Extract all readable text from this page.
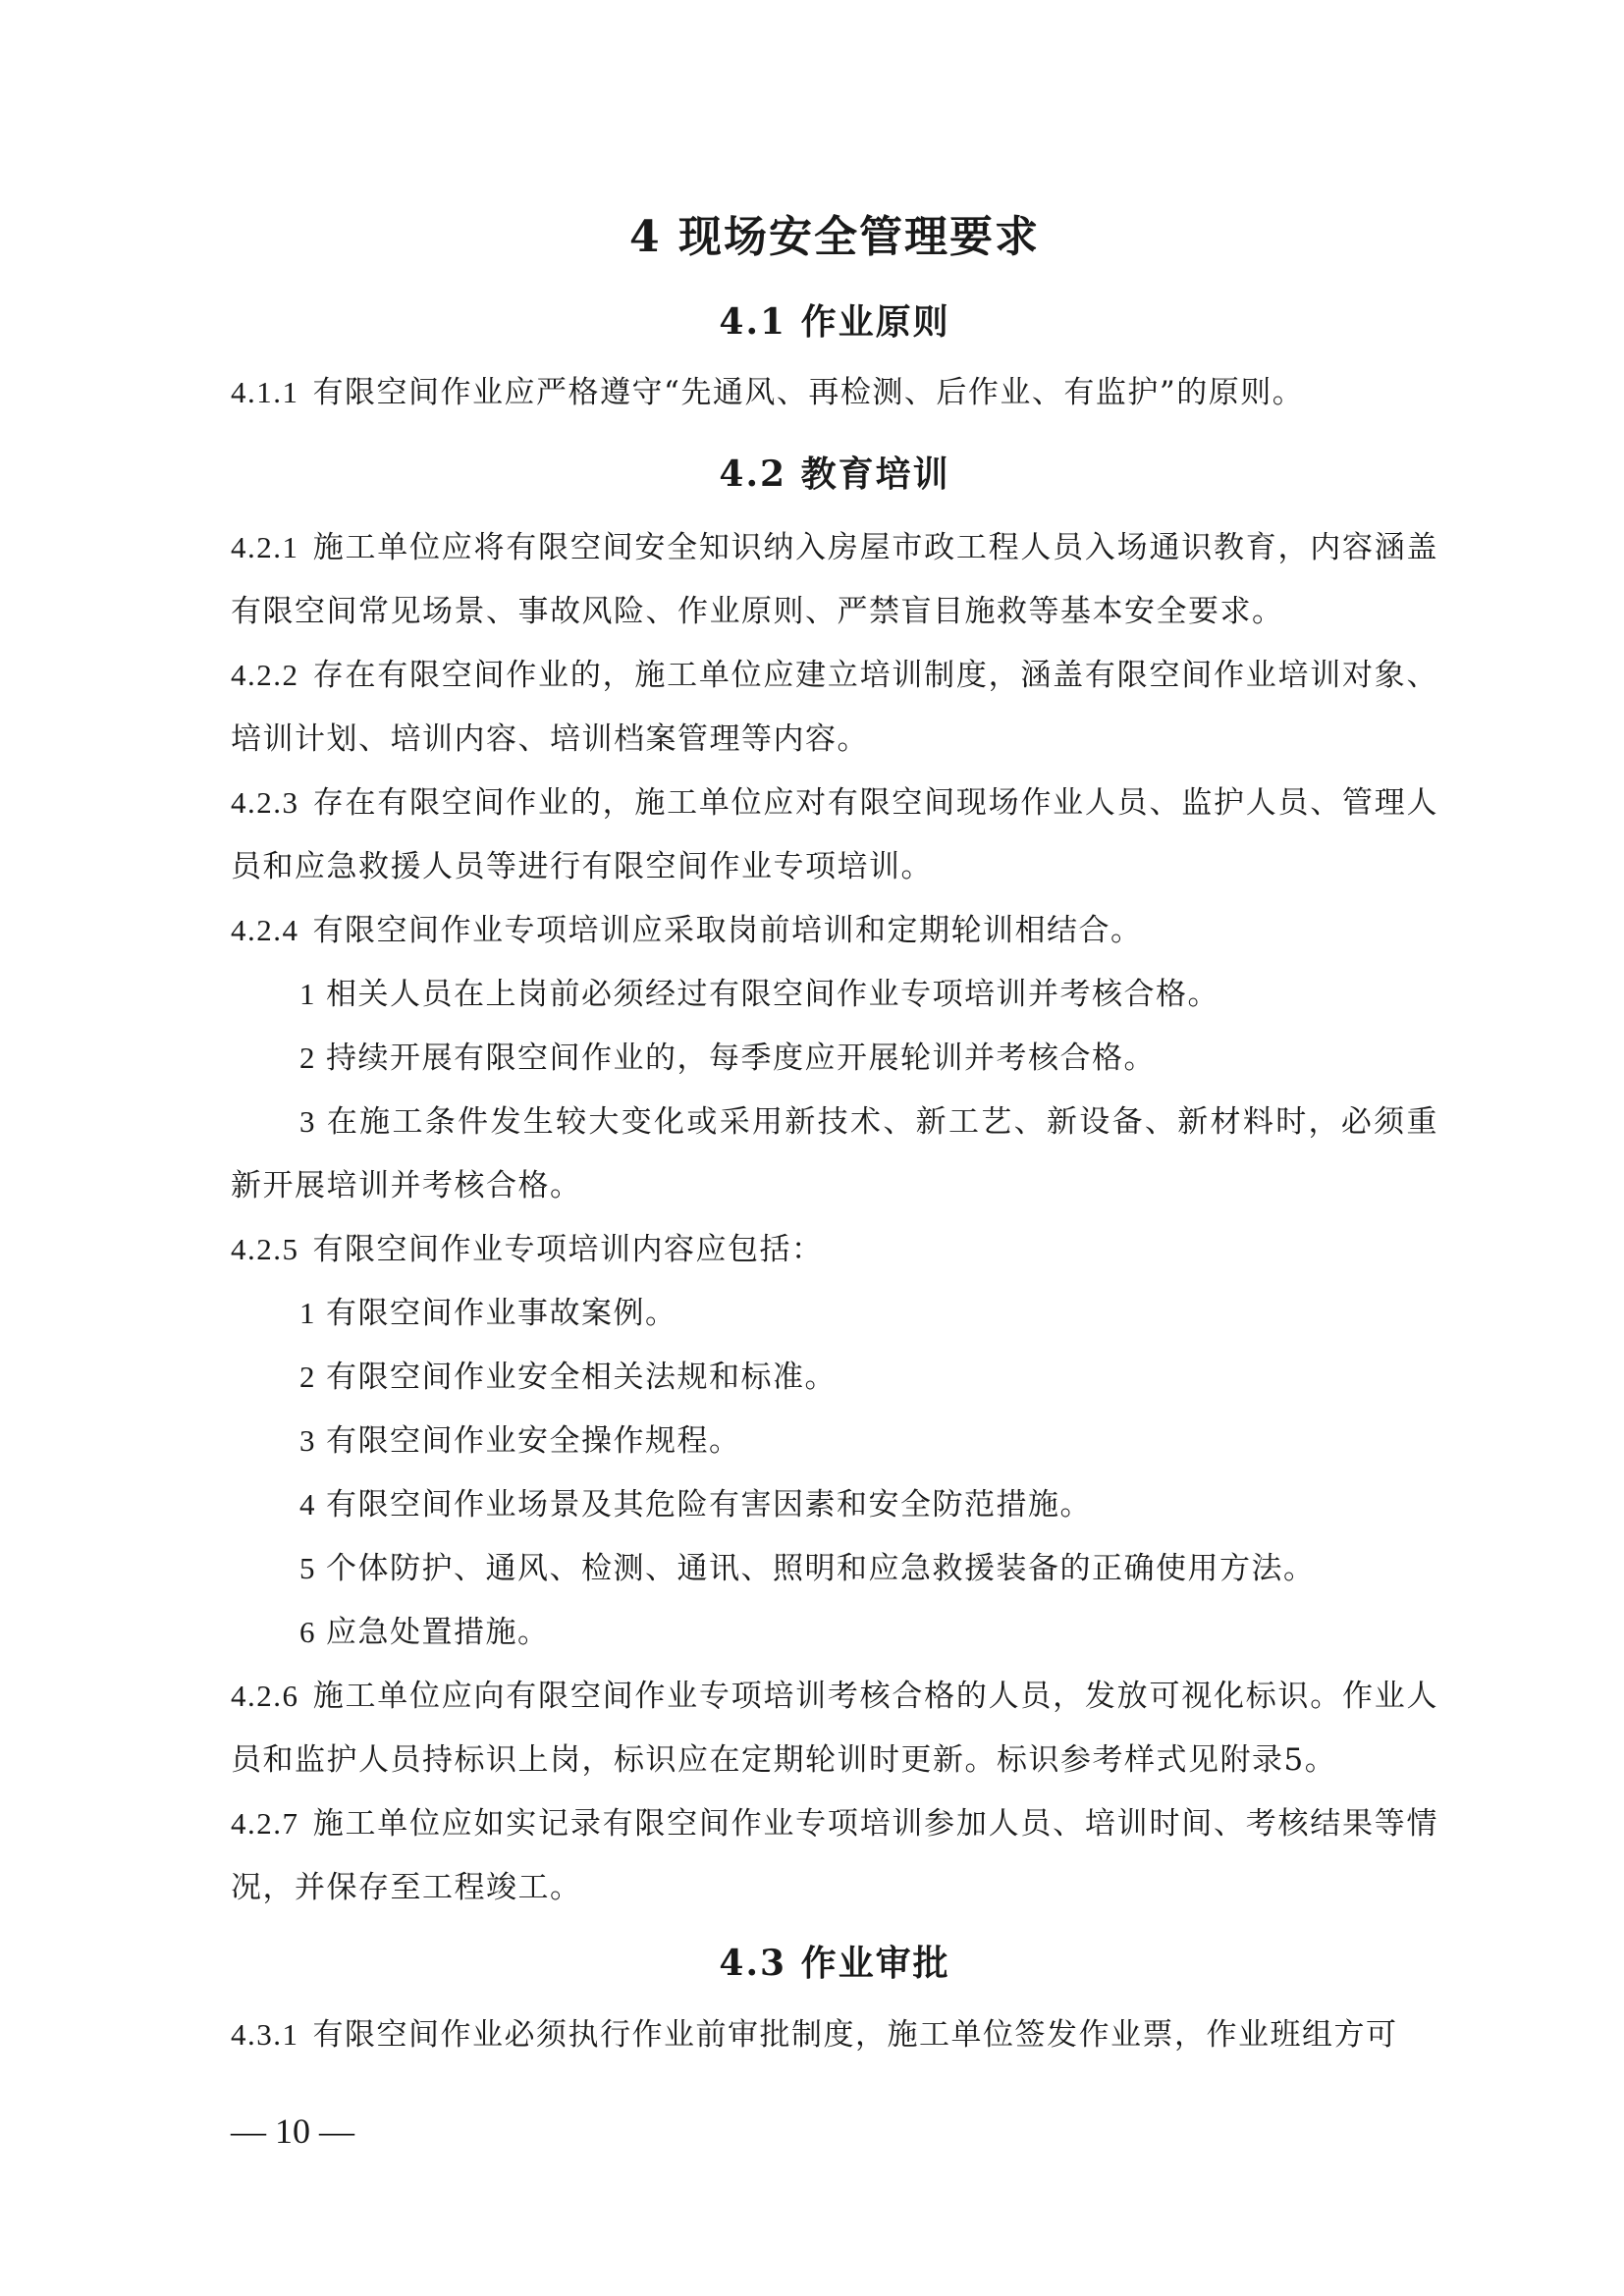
4 现场安全管理要求
4.1 作业原则
4.1.1 有限空间作业应严格遵守“先通风、再检测、后作业、有监护”的原则。
4.2 教育培训
4.2.1 施工单位应将有限空间安全知识纳入房屋市政工程人员入场通识教育，内容涵盖有限空间常见场景、事故风险、作业原则、严禁盲目施救等基本安全要求。
4.2.2 存在有限空间作业的，施工单位应建立培训制度，涵盖有限空间作业培训对象、培训计划、培训内容、培训档案管理等内容。
4.2.3 存在有限空间作业的，施工单位应对有限空间现场作业人员、监护人员、管理人员和应急救援人员等进行有限空间作业专项培训。
4.2.4 有限空间作业专项培训应采取岗前培训和定期轮训相结合。
1 相关人员在上岗前必须经过有限空间作业专项培训并考核合格。
2 持续开展有限空间作业的，每季度应开展轮训并考核合格。
3 在施工条件发生较大变化或采用新技术、新工艺、新设备、新材料时，必须重新开展培训并考核合格。
4.2.5 有限空间作业专项培训内容应包括：
1 有限空间作业事故案例。
2 有限空间作业安全相关法规和标准。
3 有限空间作业安全操作规程。
4 有限空间作业场景及其危险有害因素和安全防范措施。
5 个体防护、通风、检测、通讯、照明和应急救援装备的正确使用方法。
6 应急处置措施。
4.2.6 施工单位应向有限空间作业专项培训考核合格的人员，发放可视化标识。作业人员和监护人员持标识上岗，标识应在定期轮训时更新。标识参考样式见附录5。
4.2.7 施工单位应如实记录有限空间作业专项培训参加人员、培训时间、考核结果等情况，并保存至工程竣工。
4.3 作业审批
4.3.1 有限空间作业必须执行作业前审批制度，施工单位签发作业票，作业班组方可
— 10 —
